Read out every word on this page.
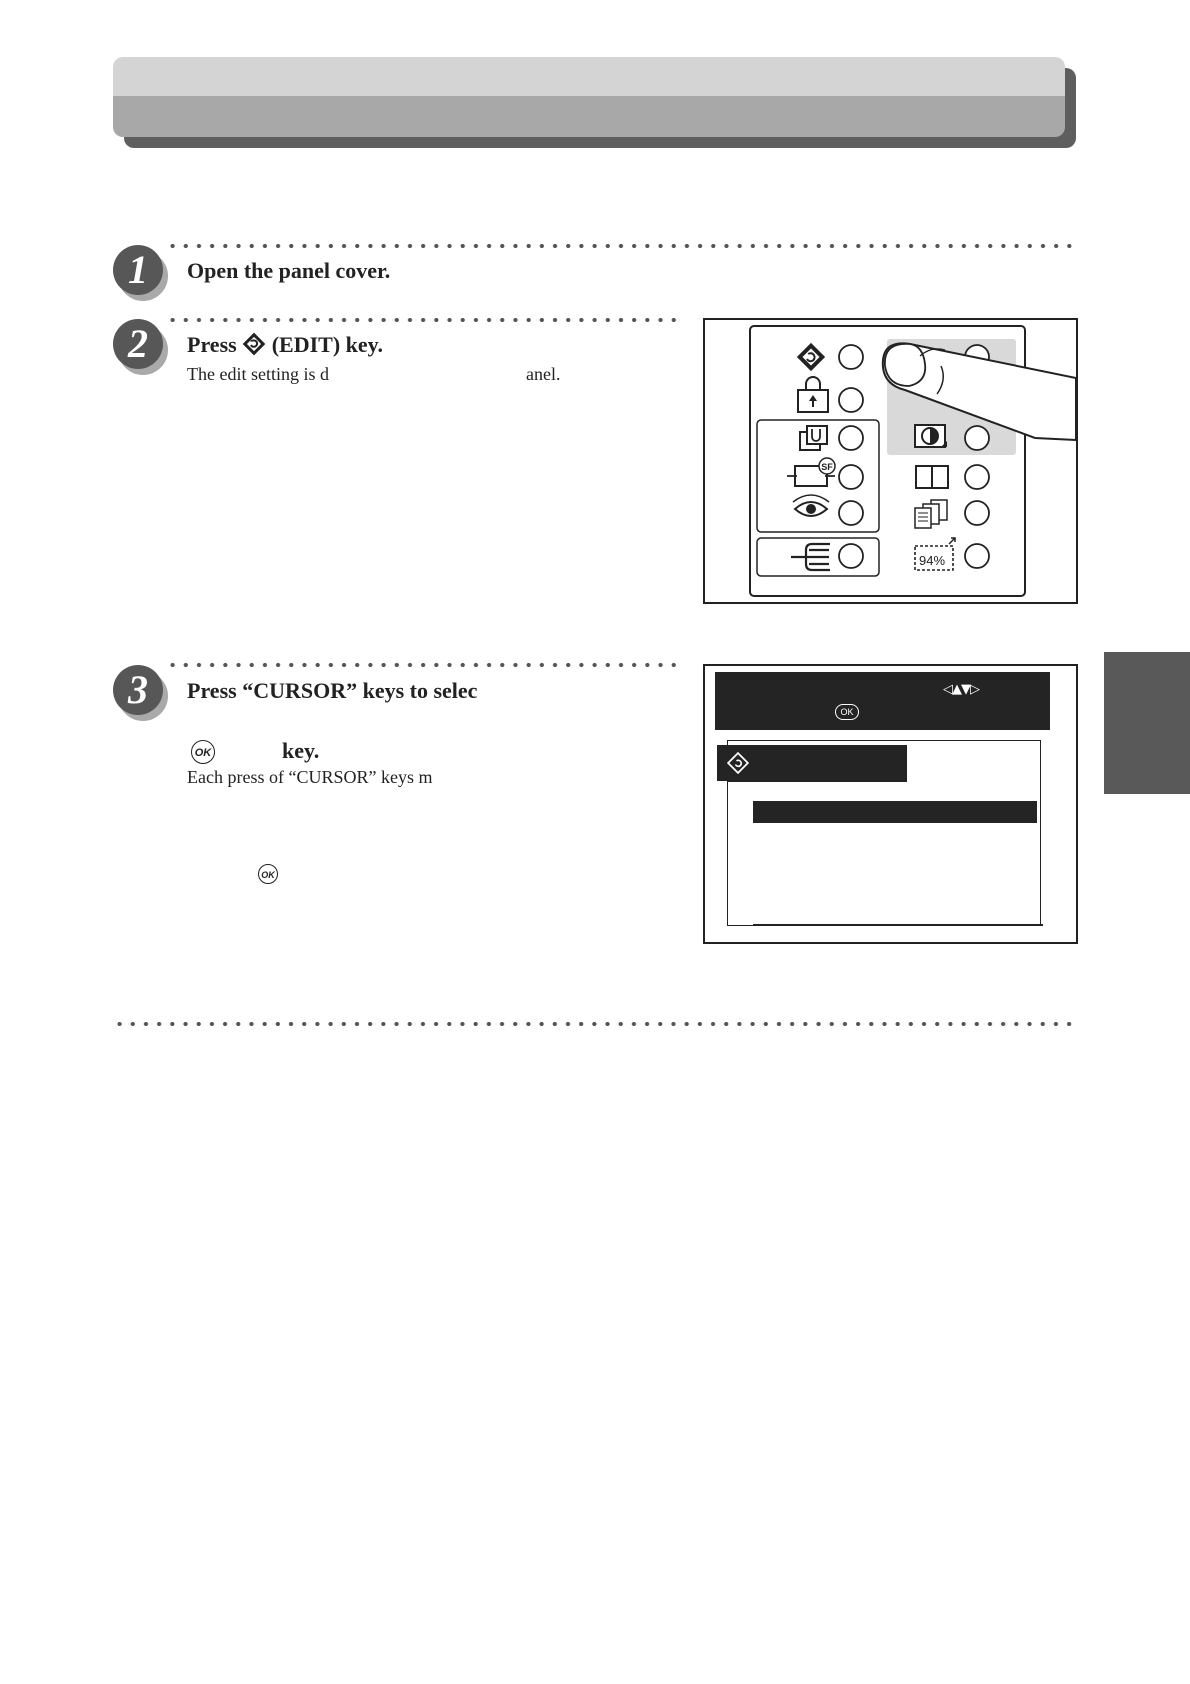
1	Open the panel cover.
2	Press (EDIT) key.
The edit setting is d	anel.
SF
94%
3	Press “CURSOR” keys to selec
OK	key.
Each press of “CURSOR” keys m
OK
◁▲▼▷
OK
